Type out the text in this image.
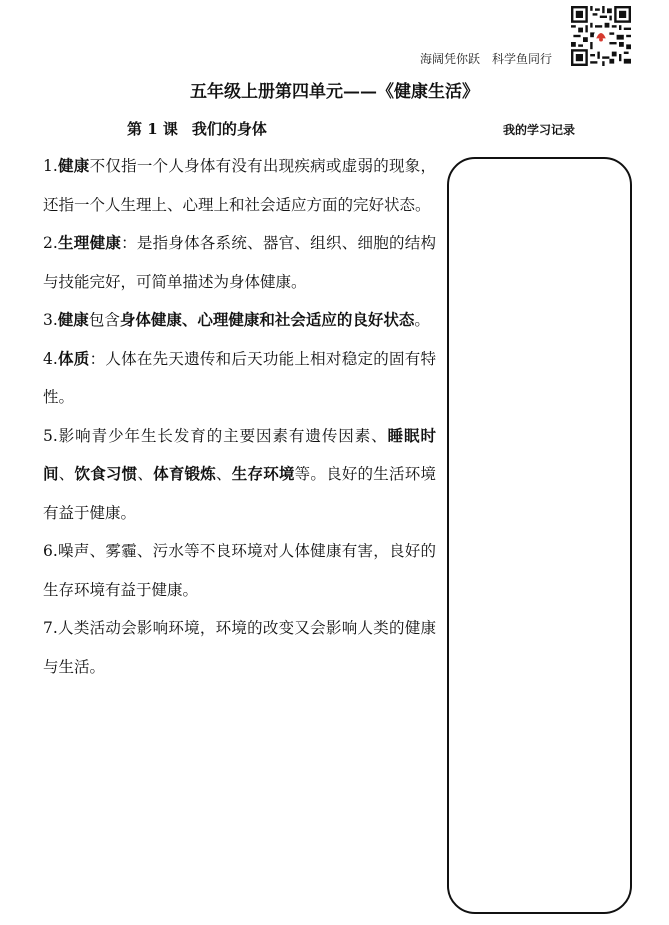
海阔凭你跃 科学鱼同行
五年级上册第四单元——《健康生活》
第 1 课 我们的身体	我的学习记录

1.健康不仅指一个人身体有没有出现疾病或虚弱的现象，还指一个人生理上、心理上和社会适应方面的完好状态。

2.生理健康：是指身体各系统、器官、组织、细胞的结构与技能完好，可简单描述为身体健康。

3.健康包含身体健康、心理健康和社会适应的良好状态。

4.体质：人体在先天遗传和后天功能上相对稳定的固有特性。

5.影响青少年生长发育的主要因素有遗传因素、睡眠时间、饮食习惯、体育锻炼、生存环境等。良好的生活环境有益于健康。

6.噪声、雾霾、污水等不良环境对人体健康有害，良好的生存环境有益于健康。

7.人类活动会影响环境，环境的改变又会影响人类的健康与生活。
